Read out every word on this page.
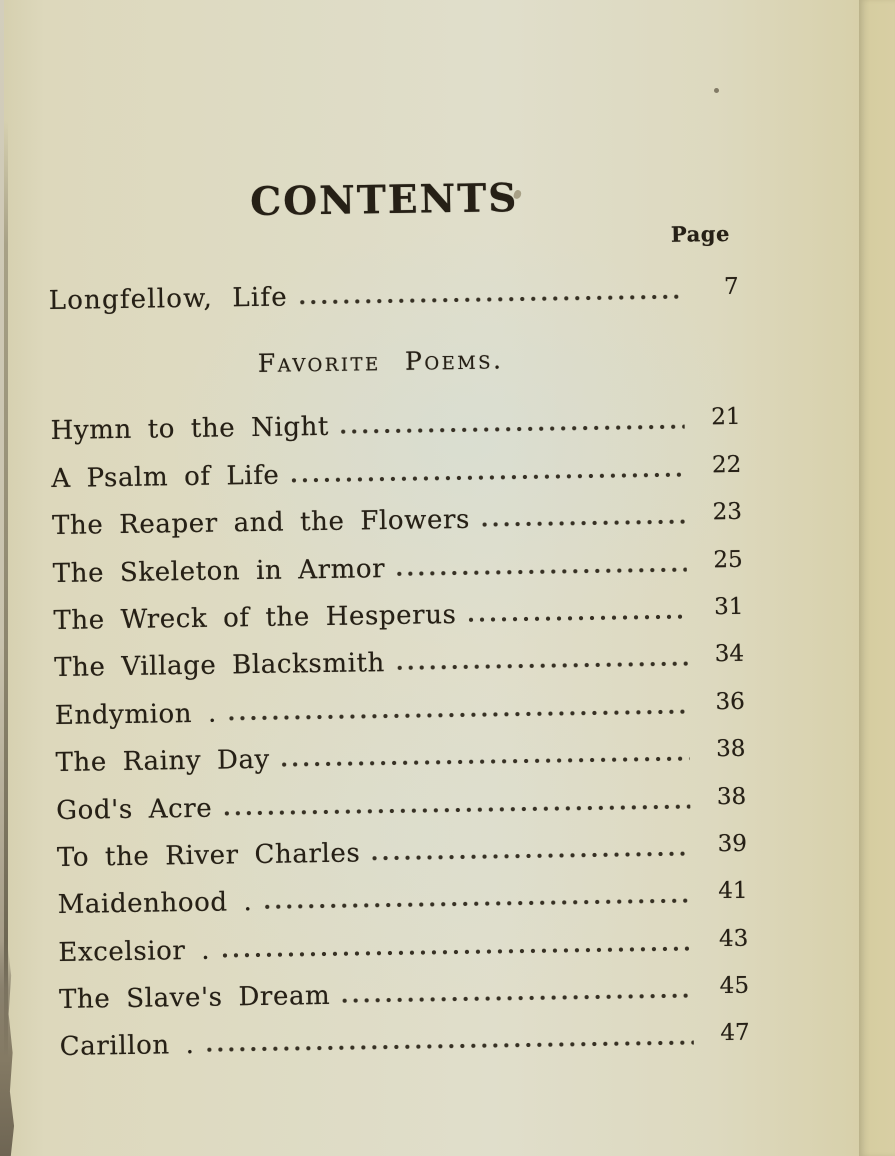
CONTENTS
Page
Longfellow, Life	7
Favorite Poems.
Hymn to the Night	21
A Psalm of Life	22
The Reaper and the Flowers	23
The Skeleton in Armor	25
The Wreck of the Hesperus	31
The Village Blacksmith	34
Endymion .	36
The Rainy Day	38
God's Acre	38
To the River Charles	39
Maidenhood .	41
Excelsior .	43
The Slave's Dream	45
Carillon .	47
